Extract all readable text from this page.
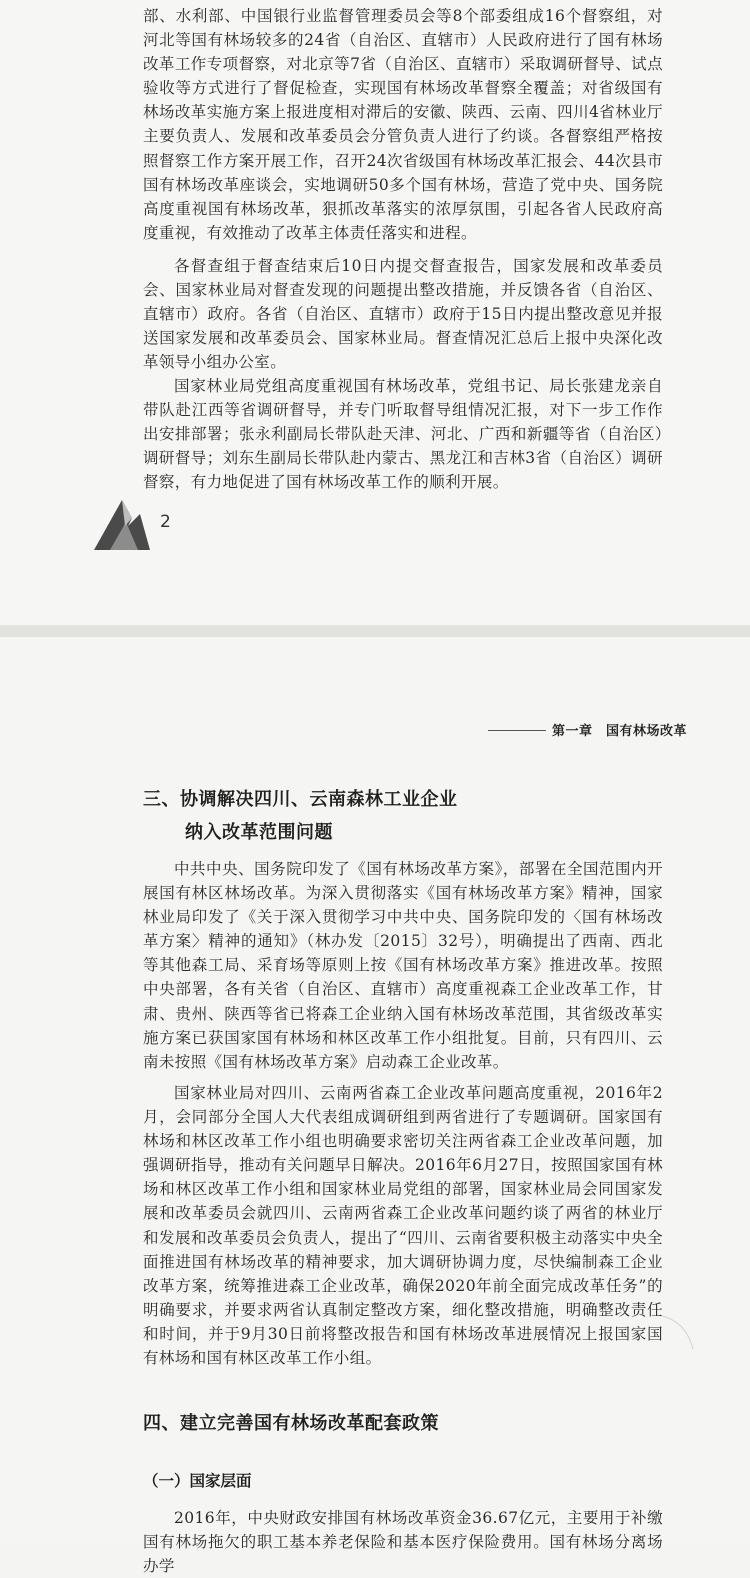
部、水利部、中国银行业监督管理委员会等8个部委组成16个督察组，对河北等国有林场较多的24省（自治区、直辖市）人民政府进行了国有林场改革工作专项督察，对北京等7省（自治区、直辖市）采取调研督导、试点验收等方式进行了督促检查，实现国有林场改革督察全覆盖；对省级国有林场改革实施方案上报进度相对滞后的安徽、陕西、云南、四川4省林业厅主要负责人、发展和改革委员会分管负责人进行了约谈。各督察组严格按照督察工作方案开展工作，召开24次省级国有林场改革汇报会、44次县市国有林场改革座谈会，实地调研50多个国有林场，营造了党中央、国务院高度重视国有林场改革，狠抓改革落实的浓厚氛围，引起各省人民政府高度重视，有效推动了改革主体责任落实和进程。

各督查组于督查结束后10日内提交督查报告，国家发展和改革委员会、国家林业局对督查发现的问题提出整改措施，并反馈各省（自治区、直辖市）政府。各省（自治区、直辖市）政府于15日内提出整改意见并报送国家发展和改革委员会、国家林业局。督查情况汇总后上报中央深化改革领导小组办公室。

国家林业局党组高度重视国有林场改革，党组书记、局长张建龙亲自带队赴江西等省调研督导，并专门听取督导组情况汇报，对下一步工作作出安排部署；张永利副局长带队赴天津、河北、广西和新疆等省（自治区）调研督导；刘东生副局长带队赴内蒙古、黑龙江和吉林3省（自治区）调研督察，有力地促进了国有林场改革工作的顺利开展。

2
第一章　国有林场改革
三、协调解决四川、云南森林工业企业
纳入改革范围问题

中共中央、国务院印发了《国有林场改革方案》，部署在全国范围内开展国有林区林场改革。为深入贯彻落实《国有林场改革方案》精神，国家林业局印发了《关于深入贯彻学习中共中央、国务院印发的〈国有林场改革方案〉精神的通知》（林办发〔2015〕32号），明确提出了西南、西北等其他森工局、采育场等原则上按《国有林场改革方案》推进改革。按照中央部署，各有关省（自治区、直辖市）高度重视森工企业改革工作，甘肃、贵州、陕西等省已将森工企业纳入国有林场改革范围，其省级改革实施方案已获国家国有林场和林区改革工作小组批复。目前，只有四川、云南未按照《国有林场改革方案》启动森工企业改革。

国家林业局对四川、云南两省森工企业改革问题高度重视，2016年2月，会同部分全国人大代表组成调研组到两省进行了专题调研。国家国有林场和林区改革工作小组也明确要求密切关注两省森工企业改革问题，加强调研指导，推动有关问题早日解决。2016年6月27日，按照国家国有林场和林区改革工作小组和国家林业局党组的部署，国家林业局会同国家发展和改革委员会就四川、云南两省森工企业改革问题约谈了两省的林业厅和发展和改革委员会负责人，提出了“四川、云南省要积极主动落实中央全面推进国有林场改革的精神要求，加大调研协调力度，尽快编制森工企业改革方案，统筹推进森工企业改革，确保2020年前全面完成改革任务”的明确要求，并要求两省认真制定整改方案，细化整改措施，明确整改责任和时间，并于9月30日前将整改报告和国有林场改革进展情况上报国家国有林场和国有林区改革工作小组。

四、建立完善国有林场改革配套政策
（一）国家层面

2016年，中央财政安排国有林场改革资金36.67亿元，主要用于补缴国有林场拖欠的职工基本养老保险和基本医疗保险费用。国有林场分离场办学
